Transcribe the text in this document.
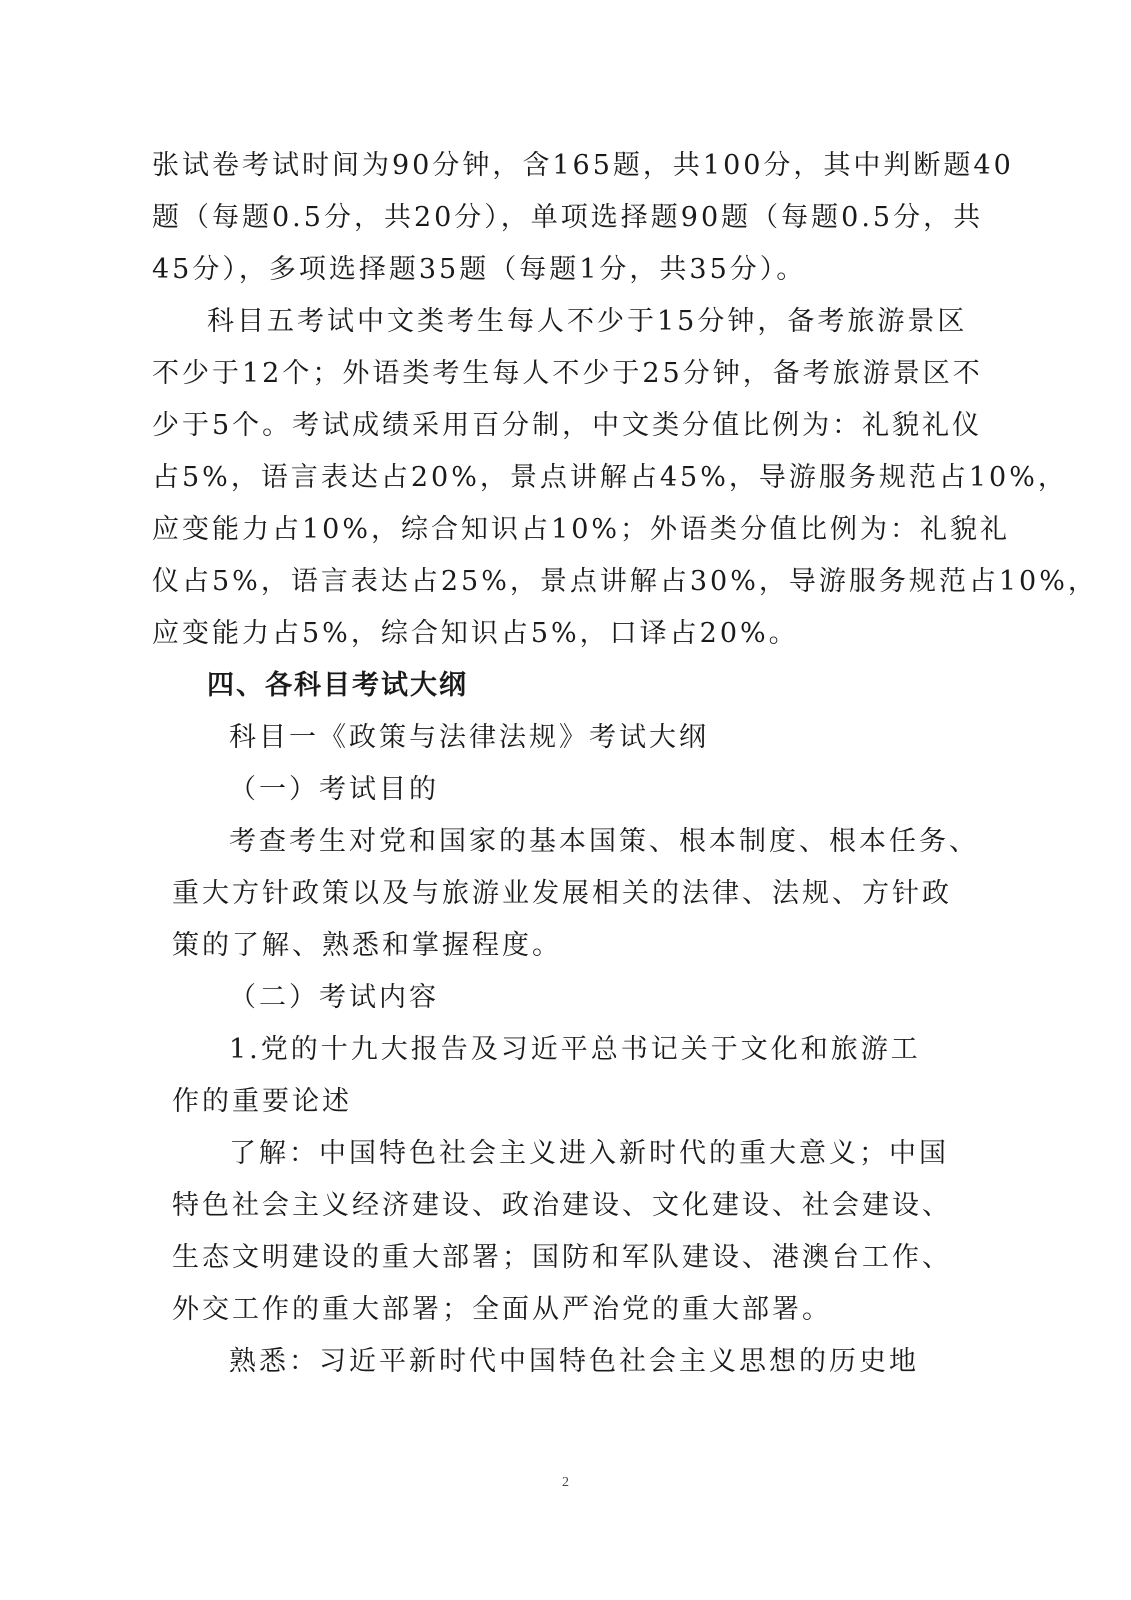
张试卷考试时间为90分钟，含165题，共100分，其中判断题40
题（每题0.5分，共20分），单项选择题90题（每题0.5分，共
45分），多项选择题35题（每题1分，共35分）。
科目五考试中文类考生每人不少于15分钟，备考旅游景区
不少于12个；外语类考生每人不少于25分钟，备考旅游景区不
少于5个。考试成绩采用百分制，中文类分值比例为：礼貌礼仪
占5%，语言表达占20%，景点讲解占45%，导游服务规范占10%，
应变能力占10%，综合知识占10%；外语类分值比例为：礼貌礼
仪占5%，语言表达占25%，景点讲解占30%，导游服务规范占10%，
应变能力占5%，综合知识占5%，口译占20%。
四、各科目考试大纲
科目一《政策与法律法规》考试大纲
（一）考试目的
考查考生对党和国家的基本国策、根本制度、根本任务、
重大方针政策以及与旅游业发展相关的法律、法规、方针政
策的了解、熟悉和掌握程度。
（二）考试内容
1.党的十九大报告及习近平总书记关于文化和旅游工
作的重要论述
了解：中国特色社会主义进入新时代的重大意义；中国
特色社会主义经济建设、政治建设、文化建设、社会建设、
生态文明建设的重大部署；国防和军队建设、港澳台工作、
外交工作的重大部署；全面从严治党的重大部署。
熟悉：习近平新时代中国特色社会主义思想的历史地
2
